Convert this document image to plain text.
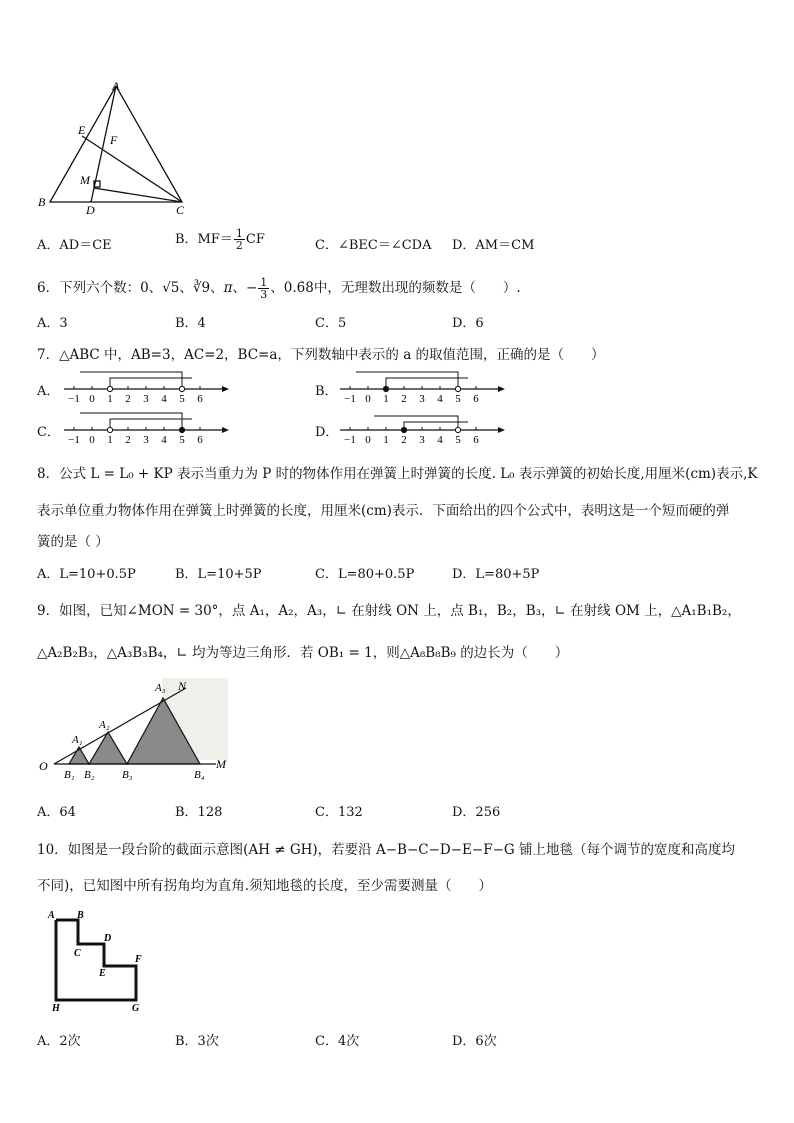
A
E
F
M
B
D	C
A．AD＝CE	B．$MF= \frac{1}{2}$ CF	C．∠BEC＝∠CDA D．AM＝CM
6．下列六个数：0、√5、∛9、π、− $\frac{1}{3}$ 、0.6̇8中，无理数出现的频数是（　　）.
A．3	B．4	C．5	D．6
7．△ABC 中，AB=3，AC=2，BC=a，下列数轴中表示的 a 的取值范围，正确的是（　　）
A． −1 0 1 2 3 4 5 6	B． −1 0 1 2 3 4 5 6
C． −1 0 1 2 3 4 5 6	D． −1 0 1 2 3 4 5 6
8．公式 L = L₀ + KP 表示当重力为 P 时的物体作用在弹簧上时弹簧的长度. L₀ 表示弹簧的初始长度,用厘米(cm)表示,K
表示单位重力物体作用在弹簧上时弹簧的长度，用厘米(cm)表示．下面给出的四个公式中，表明这是一个短而硬的弹
簧的是（ ）
A．L=10+0.5P	B．L=10+5P	C．L=80+0.5P	D．L=80+5P
9．如图，已知∠MON = 30°，点 A₁，A₂，A₃，∟ 在射线 ON 上，点 B₁，B₂，B₃，∟ 在射线 OM 上，△A₁B₁B₂，
△A₂B₂B₃，△A₃B₃B₄，∟ 均为等边三角形．若 OB₁ = 1，则△A₈B₈B₉ 的边长为（　　）
O	M
N
A₁
A₂
A₃
B₁ B₂ B₃	B₄
A．64	B．128	C．132	D．256
10．如图是一段台阶的截面示意图(AH ≠ GH)，若要沿 A−B−C−D−E−F−G 铺上地毯（每个调节的宽度和高度均
不同)，已知图中所有拐角均为直角.须知地毯的长度，至少需要测量（　　）
A B
C
D
E
F
G
H
A．2次	B．3次	C．4次	D．6次
